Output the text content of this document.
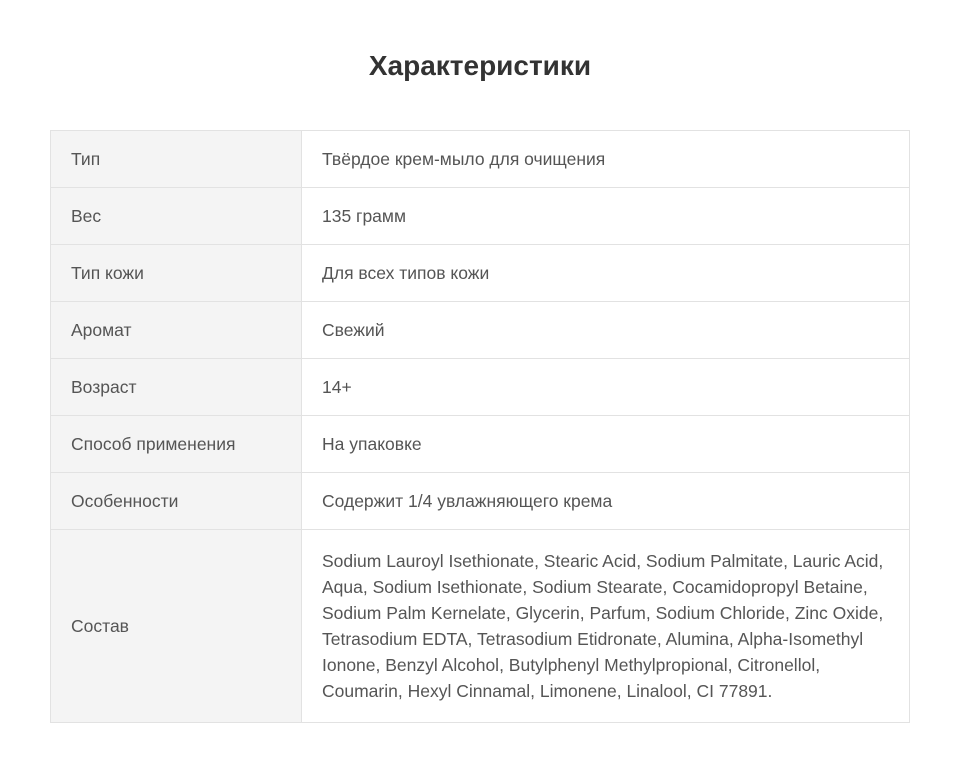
Характеристики
Тип	Твёрдое крем-мыло для очищения
Вес	135 грамм
Тип кожи	Для всех типов кожи
Аромат	Свежий
Возраст	14+
Способ применения	На упаковке
Особенности	Содержит 1/4 увлажняющего крема
Состав	Sodium Lauroyl Isethionate, Stearic Acid, Sodium Palmitate, Lauric Acid, Aqua, Sodium Isethionate, Sodium Stearate, Cocamidopropyl Betaine, Sodium Palm Kernelate, Glycerin, Parfum, Sodium Chloride, Zinc Oxide, Tetrasodium EDTA, Tetrasodium Etidronate, Alumina, Alpha-Isomethyl Ionone, Benzyl Alcohol, Butylphenyl Methylpropional, Citronellol, Coumarin, Hexyl Cinnamal, Limonene, Linalool, CI 77891.
